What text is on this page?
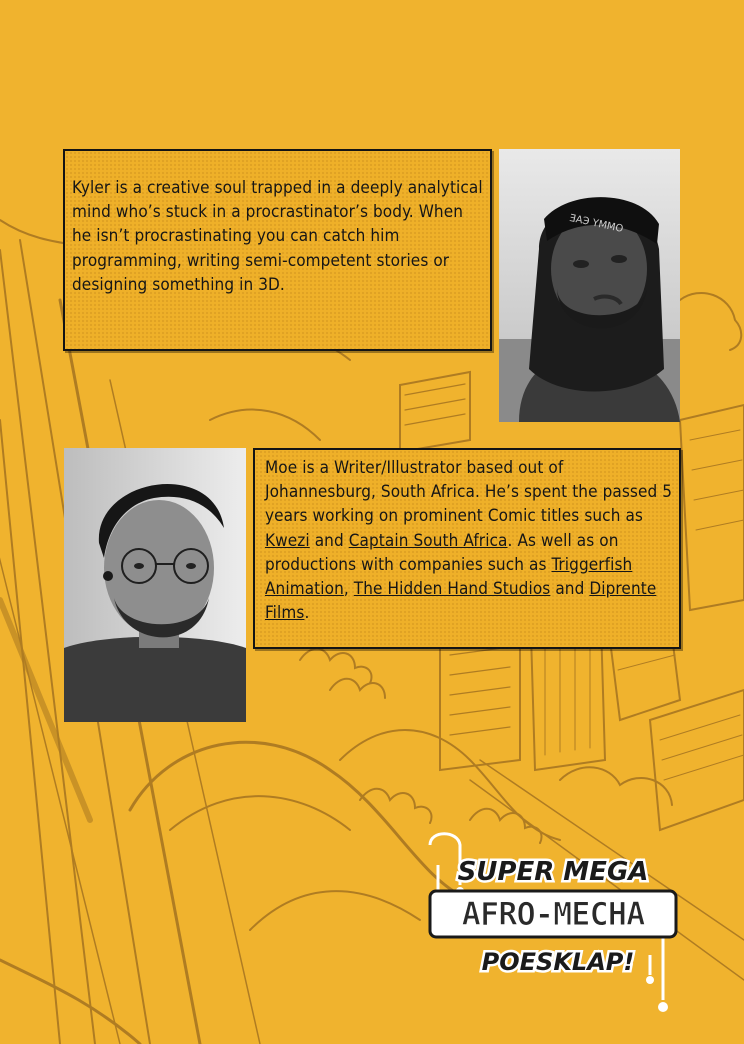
Kyler is a creative soul trapped in a deeply analytical mind who’s stuck in a procrastinator’s body. When he isn’t procrastinating you can catch him programming, writing semi-competent stories or designing something in 3D.

ƎAЭ YMMO

Moe is a Writer/Illustrator based out of Johannesburg, South Africa. He’s spent the passed 5 years working on prominent Comic titles such as Kwezi and Captain South Africa. As well as on productions with companies such as Triggerfish Animation, The Hidden Hand Studios and Diprente Films.

SUPER MEGA
AFRO-MECHA
POESKLAP!
